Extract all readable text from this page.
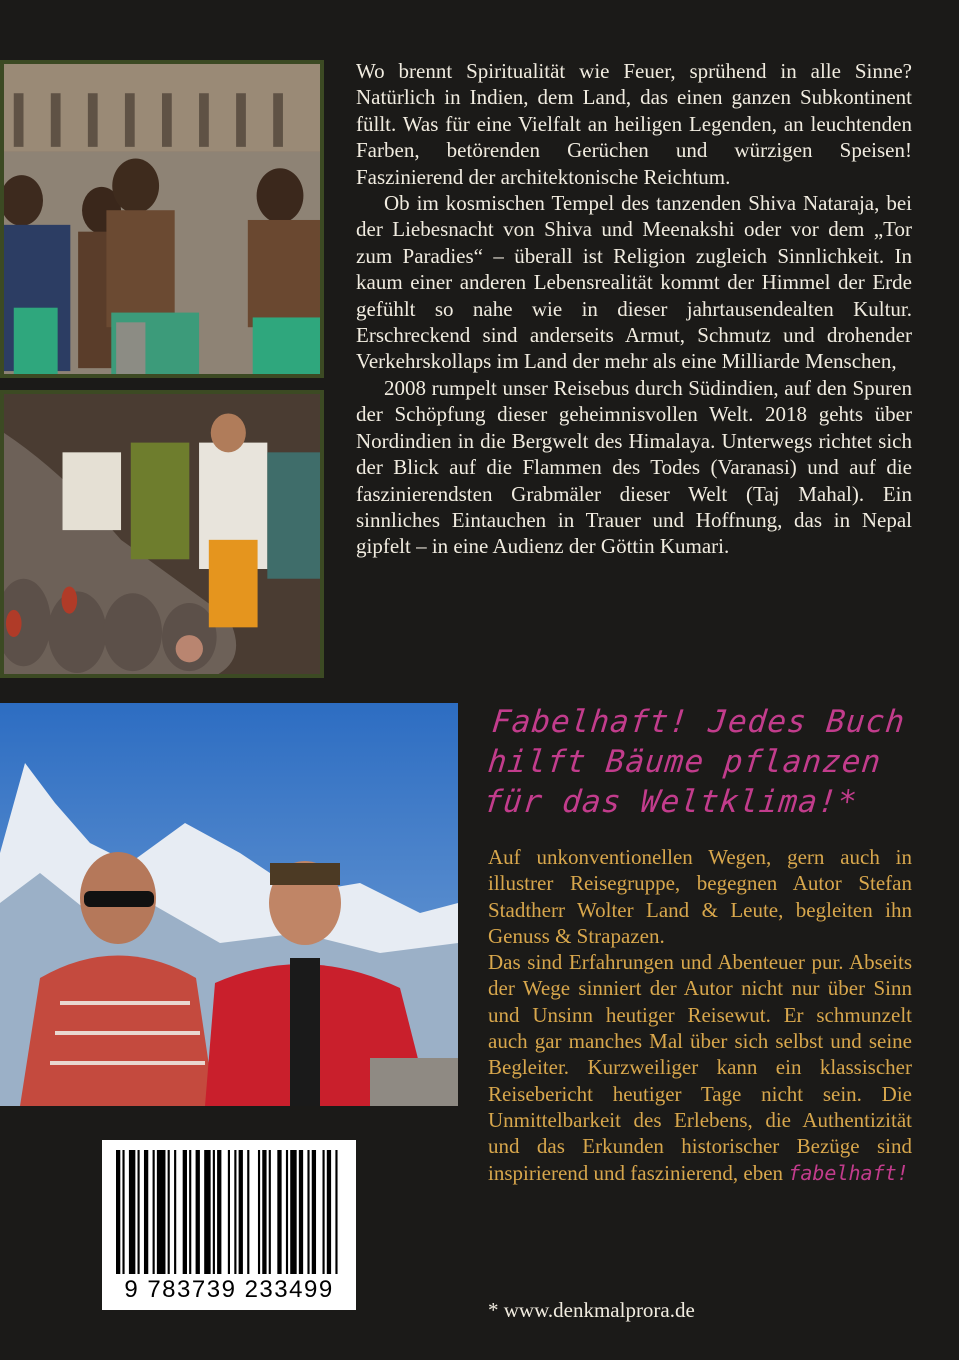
Wo brennt Spiritualität wie Feuer, sprühend in alle Sinne? Natürlich in Indien, dem Land, das einen ganzen Subkontinent füllt. Was für eine Vielfalt an heiligen Legenden, an leuchtenden Farben, betörenden Gerüchen und würzigen Speisen! Faszinierend der architektonische Reichtum.

Ob im kosmischen Tempel des tanzenden Shiva Nataraja, bei der Liebesnacht von Shiva und Meenakshi oder vor dem „Tor zum Paradies“ – überall ist Religion zugleich Sinnlichkeit. In kaum einer anderen Lebensrealität kommt der Himmel der Erde gefühlt so nahe wie in dieser jahrtausendealten Kultur. Erschreckend sind anderseits Armut, Schmutz und drohender Verkehrskollaps im Land der mehr als eine Milliarde Menschen,

2008 rumpelt unser Reisebus durch Südindien, auf den Spuren der Schöpfung dieser geheimnisvollen Welt. 2018 gehts über Nordindien in die Bergwelt des Himalaya. Unterwegs richtet sich der Blick auf die Flammen des Todes (Varanasi) und auf die faszinierendsten Grabmäler dieser Welt (Taj Mahal). Ein sinnliches Eintauchen in Trauer und Hoffnung, das in Nepal gipfelt – in eine Audienz der Göttin Kumari.

Fabelhaft! Jedes Buch hilft Bäume pflanzen für das Weltklima!*

Auf unkonventionellen Wegen, gern auch in illustrer Reisegruppe, begegnen Autor Stefan Stadtherr Wolter Land & Leute, begleiten ihn Genuss & Strapazen.

Das sind Erfahrungen und Abenteuer pur. Abseits der Wege sinniert der Autor nicht nur über Sinn und Unsinn heutiger Reisewut. Er schmunzelt auch gar manches Mal über sich selbst und seine Begleiter. Kurzweiliger kann ein klassischer Reisebericht heutiger Tage nicht sein. Die Unmittelbarkeit des Erlebens, die Authentizität und das Erkunden historischer Bezüge sind inspirierend und faszinierend, eben fabelhaft!

* www.denkmalprora.de
9 783739 233499
